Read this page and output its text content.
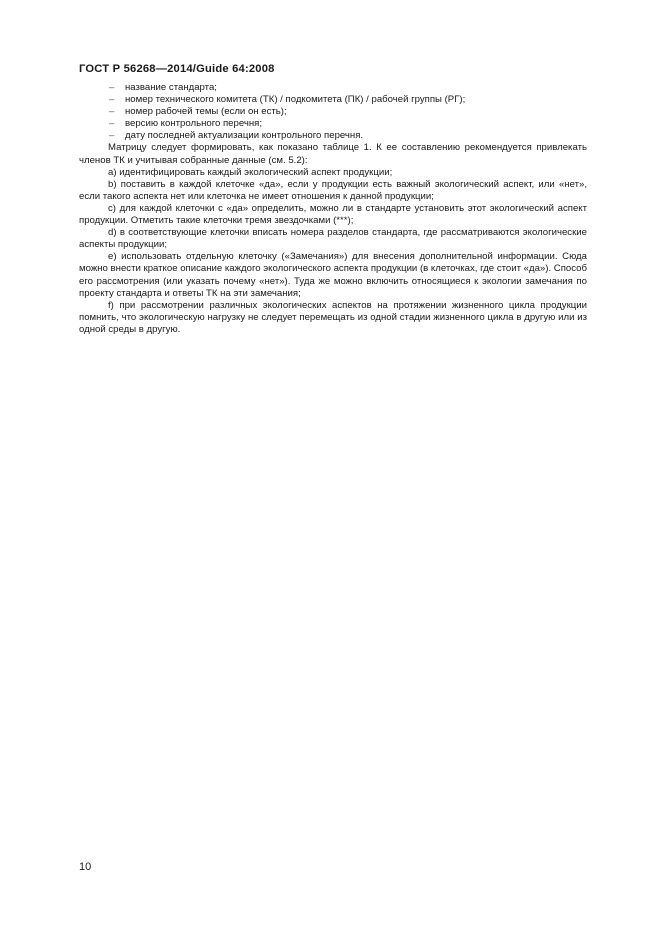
ГОСТ Р 56268—2014/Guide 64:2008
– название стандарта;
– номер технического комитета (ТК) / подкомитета (ПК) / рабочей группы (РГ);
– номер рабочей темы (если он есть);
– версию контрольного перечня;
– дату последней актуализации контрольного перечня.

Матрицу следует формировать, как показано таблице 1. К ее составлению рекомендуется привлекать членов ТК и учитывая собранные данные (см. 5.2):

a) идентифицировать каждый экологический аспект продукции;

b) поставить в каждой клеточке «да», если у продукции есть важный экологический аспект, или «нет», если такого аспекта нет или клеточка не имеет отношения к данной продукции;

c) для каждой клеточки с «да» определить, можно ли в стандарте установить этот экологический аспект продукции. Отметить такие клеточки тремя звездочками (***);

d) в соответствующие клеточки вписать номера разделов стандарта, где рассматриваются экологические аспекты продукции;

e) использовать отдельную клеточку («Замечания») для внесения дополнительной информации. Сюда можно внести краткое описание каждого экологического аспекта продукции (в клеточках, где стоит «да»). Способ его рассмотрения (или указать почему «нет»). Туда же можно включить относящиеся к экологии замечания по проекту стандарта и ответы ТК на эти замечания;

f) при рассмотрении различных экологических аспектов на протяжении жизненного цикла продукции помнить, что экологическую нагрузку не следует перемещать из одной стадии жизненного цикла в другую или из одной среды в другую.

10
